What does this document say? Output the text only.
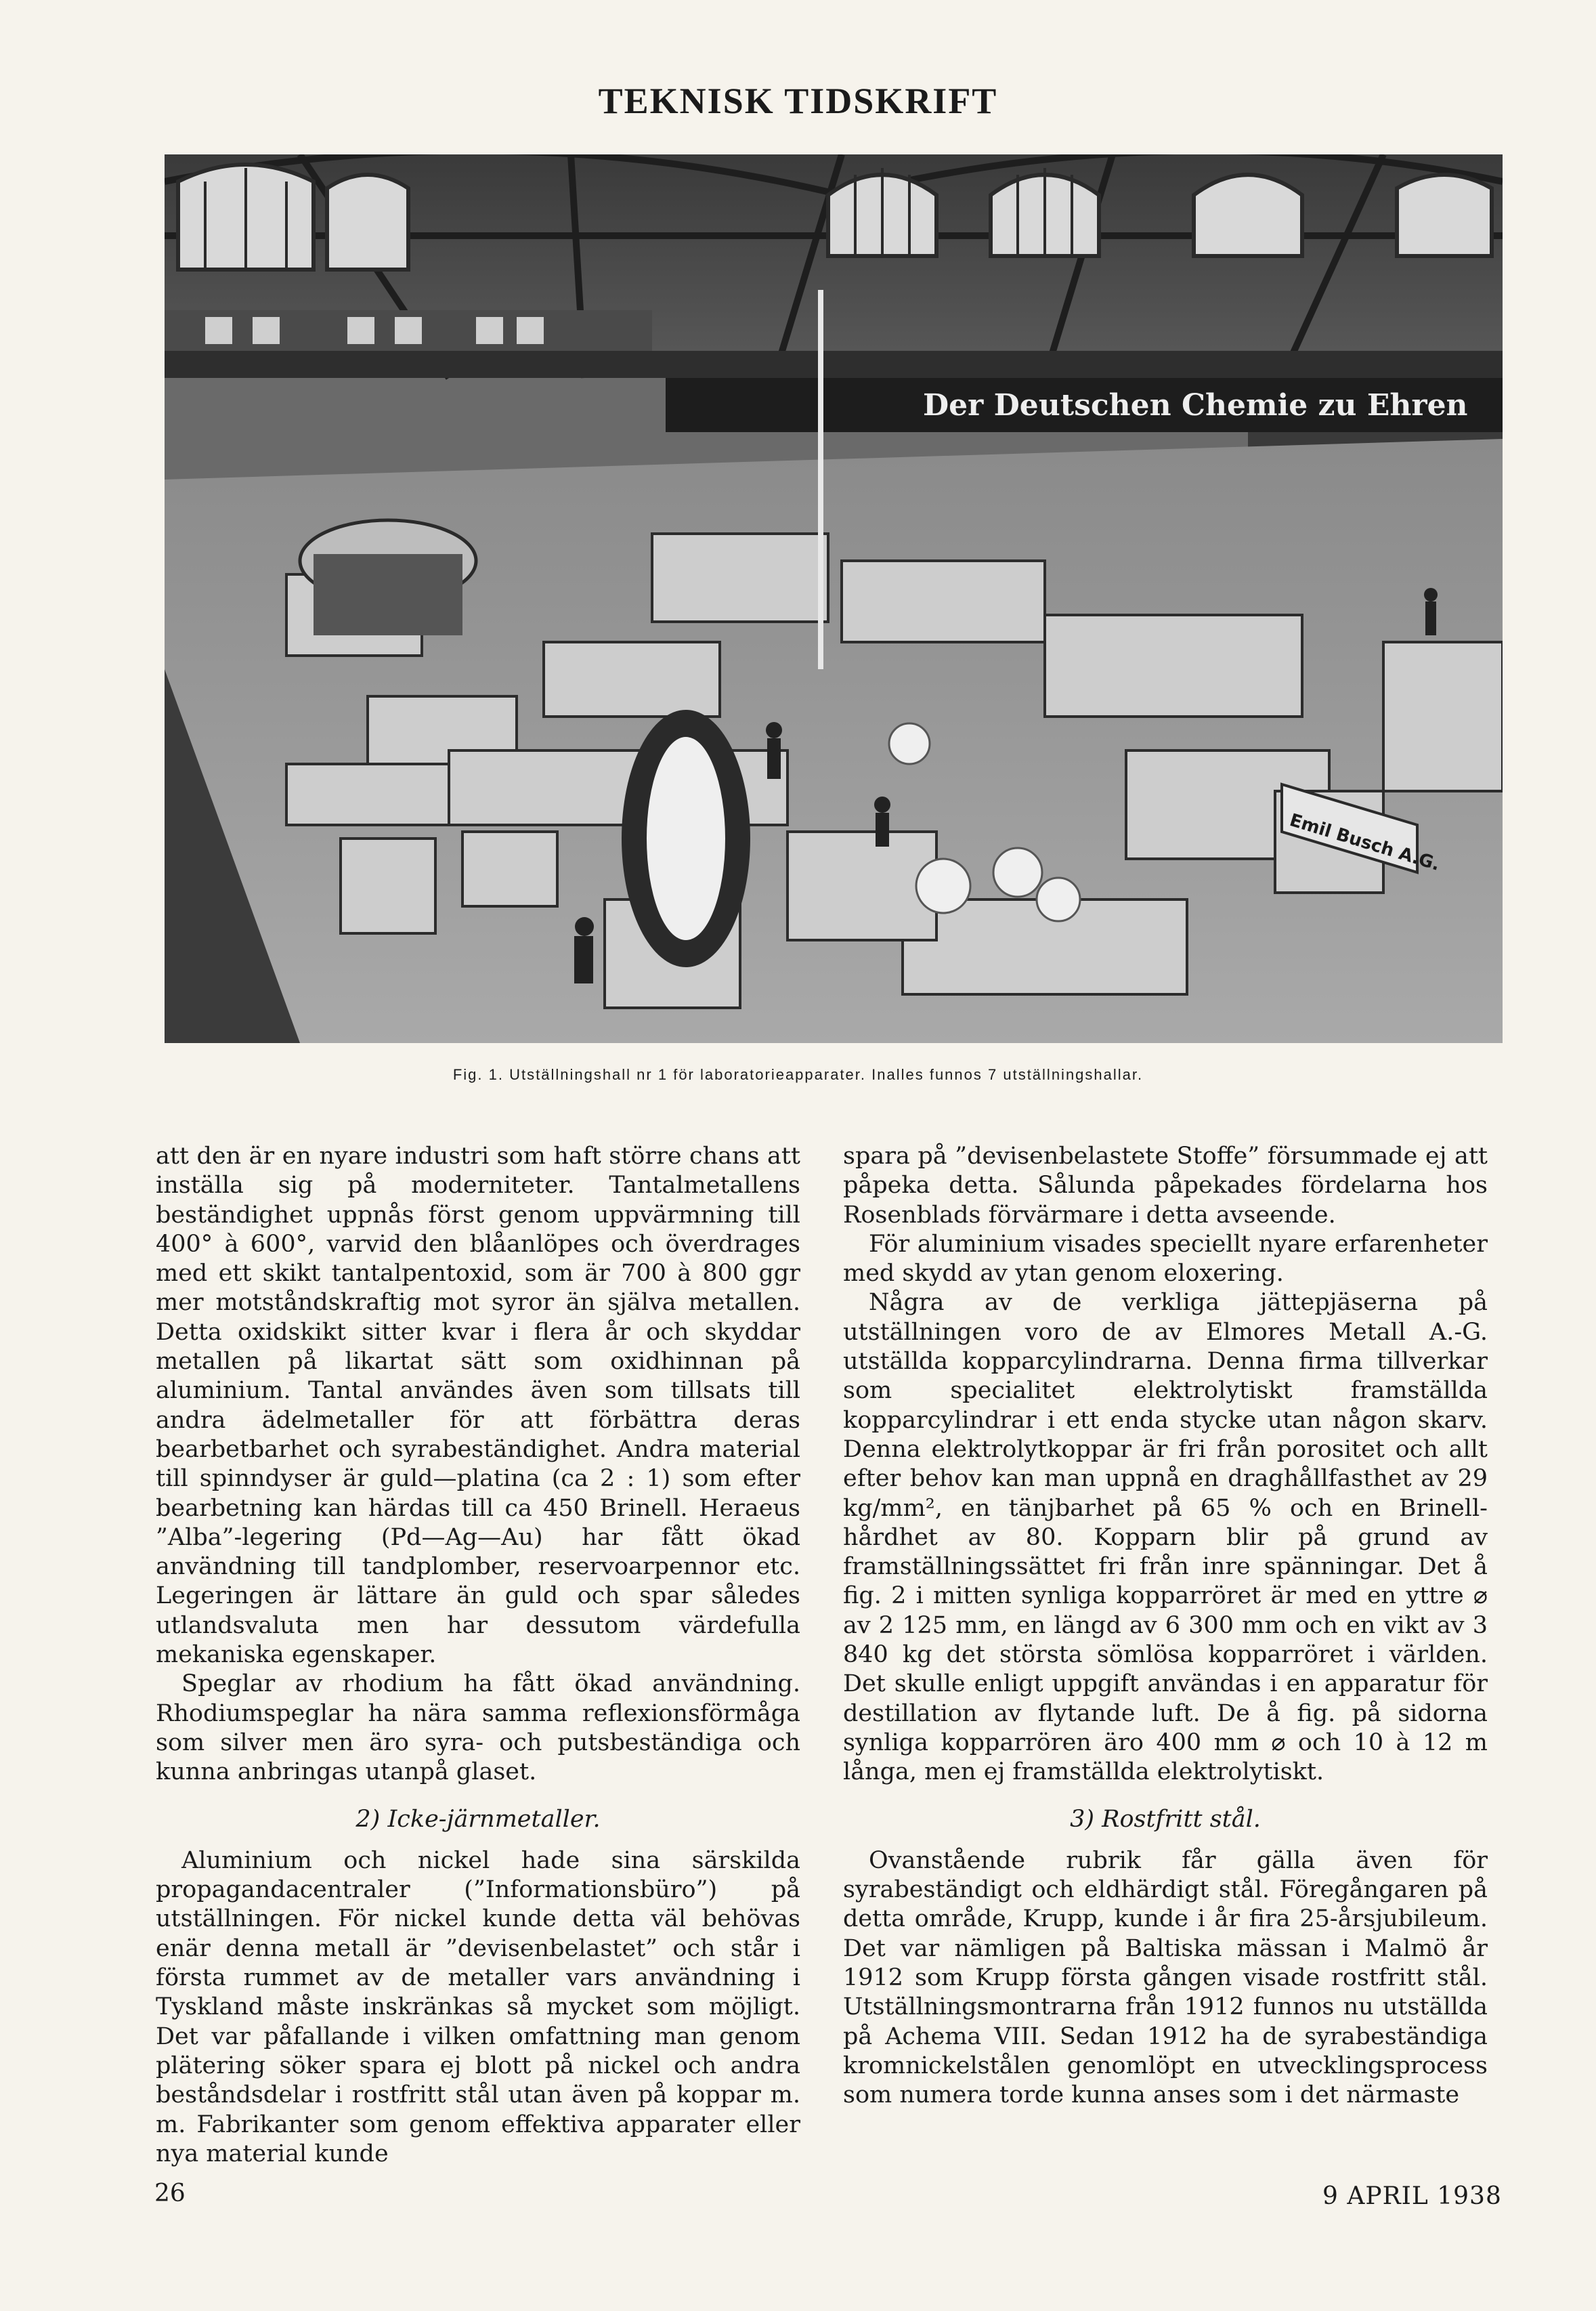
TEKNISK TIDSKRIFT
Der Deutschen Chemie zu Ehren
Emil Busch A.G.
Fig. 1. Utställningshall nr 1 för laboratorieapparater. Inalles funnos 7 utställningshallar.

att den är en nyare industri som haft större chans att inställa sig på moderniteter. Tantalmetallens beständighet uppnås först genom uppvärmning till 400° à 600°, varvid den blåanlöpes och överdrages med ett skikt tantalpentoxid, som är 700 à 800 ggr mer motståndskraftig mot syror än själva metallen. Detta oxidskikt sitter kvar i flera år och skyddar metallen på likartat sätt som oxidhinnan på aluminium. Tantal användes även som tillsats till andra ädelmetaller för att förbättra deras bearbetbarhet och syrabeständighet. Andra material till spinndyser är guld—platina (ca 2 : 1) som efter bearbetning kan härdas till ca 450 Brinell. Heraeus ”Alba”-legering (Pd—Ag—Au) har fått ökad användning till tandplomber, reservoarpennor etc. Legeringen är lättare än guld och spar således utlandsvaluta men har dessutom värdefulla mekaniska egenskaper.

Speglar av rhodium ha fått ökad användning. Rhodiumspeglar ha nära samma reflexionsförmåga som silver men äro syra- och putsbeständiga och kunna anbringas utanpå glaset.

2) Icke-järnmetaller.

Aluminium och nickel hade sina särskilda propagandacentraler (”Informationsbüro”) på utställningen. För nickel kunde detta väl behövas enär denna metall är ”devisenbelastet” och står i första rummet av de metaller vars användning i Tyskland måste inskränkas så mycket som möjligt. Det var påfallande i vilken omfattning man genom plätering söker spara ej blott på nickel och andra beståndsdelar i rostfritt stål utan även på koppar m. m. Fabrikanter som genom effektiva apparater eller nya material kunde

spara på ”devisenbelastete Stoffe” försummade ej att påpeka detta. Sålunda påpekades fördelarna hos Rosenblads förvärmare i detta avseende.

För aluminium visades speciellt nyare erfarenheter med skydd av ytan genom eloxering.

Några av de verkliga jättepjäserna på utställningen voro de av Elmores Metall A.-G. utställda kopparcylindrarna. Denna firma tillverkar som specialitet elektrolytiskt framställda kopparcylindrar i ett enda stycke utan någon skarv. Denna elektrolytkoppar är fri från porositet och allt efter behov kan man uppnå en draghållfasthet av 29 kg/mm², en tänjbarhet på 65 % och en Brinell-hårdhet av 80. Kopparn blir på grund av framställningssättet fri från inre spänningar. Det å fig. 2 i mitten synliga kopparröret är med en yttre ⌀ av 2 125 mm, en längd av 6 300 mm och en vikt av 3 840 kg det största sömlösa kopparröret i världen. Det skulle enligt uppgift användas i en apparatur för destillation av flytande luft. De å fig. på sidorna synliga kopparrören äro 400 mm ⌀ och 10 à 12 m långa, men ej framställda elektrolytiskt.

3) Rostfritt stål.

Ovanstående rubrik får gälla även för syrabeständigt och eldhärdigt stål. Föregångaren på detta område, Krupp, kunde i år fira 25-årsjubileum. Det var nämligen på Baltiska mässan i Malmö år 1912 som Krupp första gången visade rostfritt stål. Utställningsmontrarna från 1912 funnos nu utställda på Achema VIII. Sedan 1912 ha de syrabeständiga kromnickelstålen genomlöpt en utvecklingsprocess som numera torde kunna anses som i det närmaste

26	9 APRIL 1938
